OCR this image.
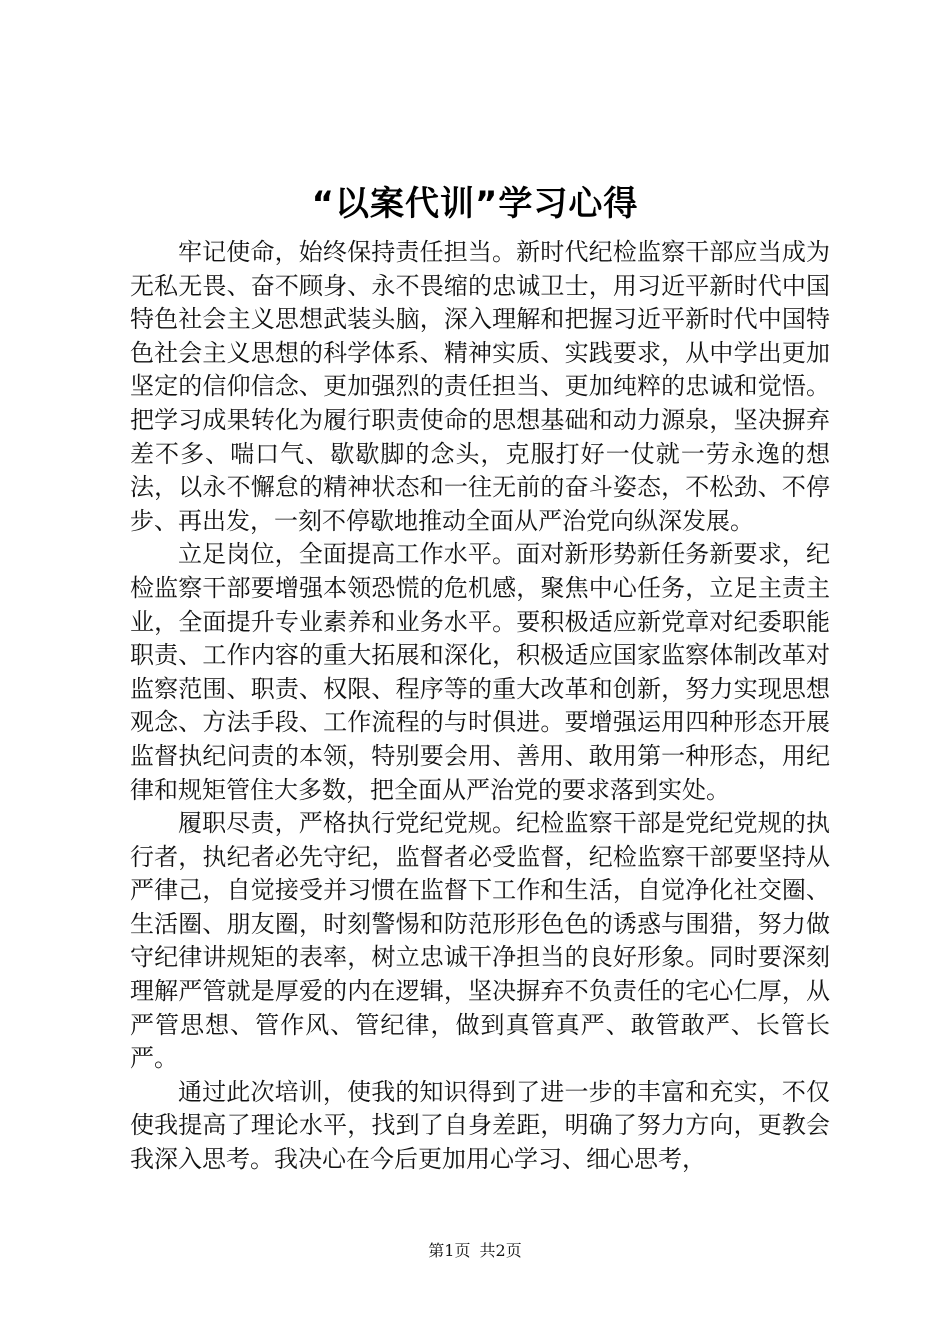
“以案代训”学习心得

牢记使命，始终保持责任担当。新时代纪检监察干部应当成为无私无畏、奋不顾身、永不畏缩的忠诚卫士，用习近平新时代中国特色社会主义思想武装头脑，深入理解和把握习近平新时代中国特色社会主义思想的科学体系、精神实质、实践要求，从中学出更加坚定的信仰信念、更加强烈的责任担当、更加纯粹的忠诚和觉悟。把学习成果转化为履行职责使命的思想基础和动力源泉，坚决摒弃差不多、喘口气、歇歇脚的念头，克服打好一仗就一劳永逸的想法，以永不懈怠的精神状态和一往无前的奋斗姿态，不松劲、不停步、再出发，一刻不停歇地推动全面从严治党向纵深发展。

立足岗位，全面提高工作水平。面对新形势新任务新要求，纪检监察干部要增强本领恐慌的危机感，聚焦中心任务，立足主责主业，全面提升专业素养和业务水平。要积极适应新党章对纪委职能职责、工作内容的重大拓展和深化，积极适应国家监察体制改革对监察范围、职责、权限、程序等的重大改革和创新，努力实现思想观念、方法手段、工作流程的与时俱进。要增强运用四种形态开展监督执纪问责的本领，特别要会用、善用、敢用第一种形态，用纪律和规矩管住大多数，把全面从严治党的要求落到实处。

履职尽责，严格执行党纪党规。纪检监察干部是党纪党规的执行者，执纪者必先守纪，监督者必受监督，纪检监察干部要坚持从严律己，自觉接受并习惯在监督下工作和生活，自觉净化社交圈、生活圈、朋友圈，时刻警惕和防范形形色色的诱惑与围猎，努力做守纪律讲规矩的表率，树立忠诚干净担当的良好形象。同时要深刻理解严管就是厚爱的内在逻辑，坚决摒弃不负责任的宅心仁厚，从严管思想、管作风、管纪律，做到真管真严、敢管敢严、长管长严。

通过此次培训，使我的知识得到了进一步的丰富和充实，不仅使我提高了理论水平，找到了自身差距，明确了努力方向，更教会我深入思考。我决心在今后更加用心学习、细心思考，

第1页 共2页
